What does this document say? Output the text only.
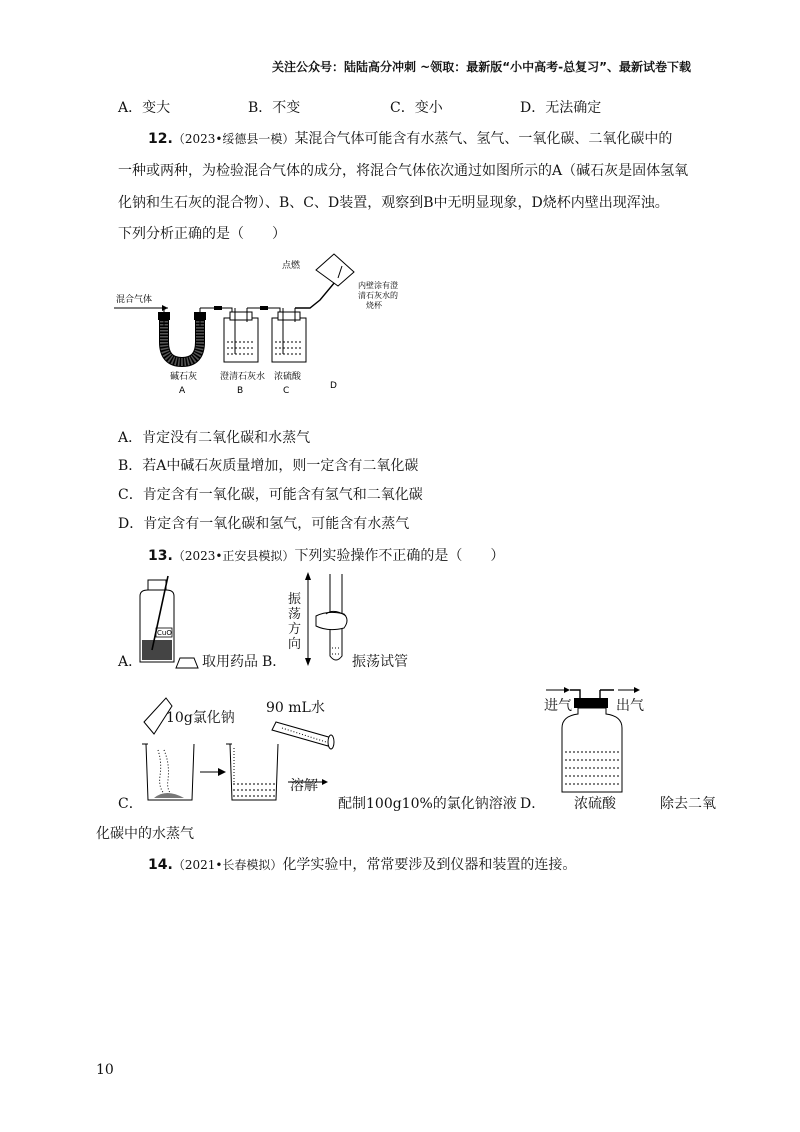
关注公众号：陆陆高分冲刺 ~领取：最新版“小中高考-总复习”、最新试卷下载
A．变大	B．不变	C．变小	D．无法确定
12.（2023•绥德县一模）某混合气体可能含有水蒸气、氢气、一氧化碳、二氧化碳中的
一种或两种，为检验混合气体的成分，将混合气体依次通过如图所示的A（碱石灰是固体氢氧
化钠和生石灰的混合物）、B、C、D装置，观察到B中无明显现象，D烧杯内壁出现浑浊。
下列分析正确的是（　　）
点燃
内壁涂有澄
清石灰水的
烧杯
混合气体
碱石灰
A
澄清石灰水
B
浓硫酸
C	D
A．肯定没有二氧化碳和水蒸气
B．若A中碱石灰质量增加，则一定含有二氧化碳
C．肯定含有一氧化碳，可能含有氢气和二氧化碳
D．肯定含有一氧化碳和氢气，可能含有水蒸气
13.（2023•正安县模拟）下列实验操作不正确的是（　　）
CuO
A．	取用药品 B．
振
荡
方
向
振荡试管
10g氯化钠
90 mL水
溶解
C．	配制100g10%的氯化钠溶液 D．
进气	出气
浓硫酸	除去二氧
化碳中的水蒸气
14.（2021•长春模拟）化学实验中，常常要涉及到仪器和装置的连接。
10
